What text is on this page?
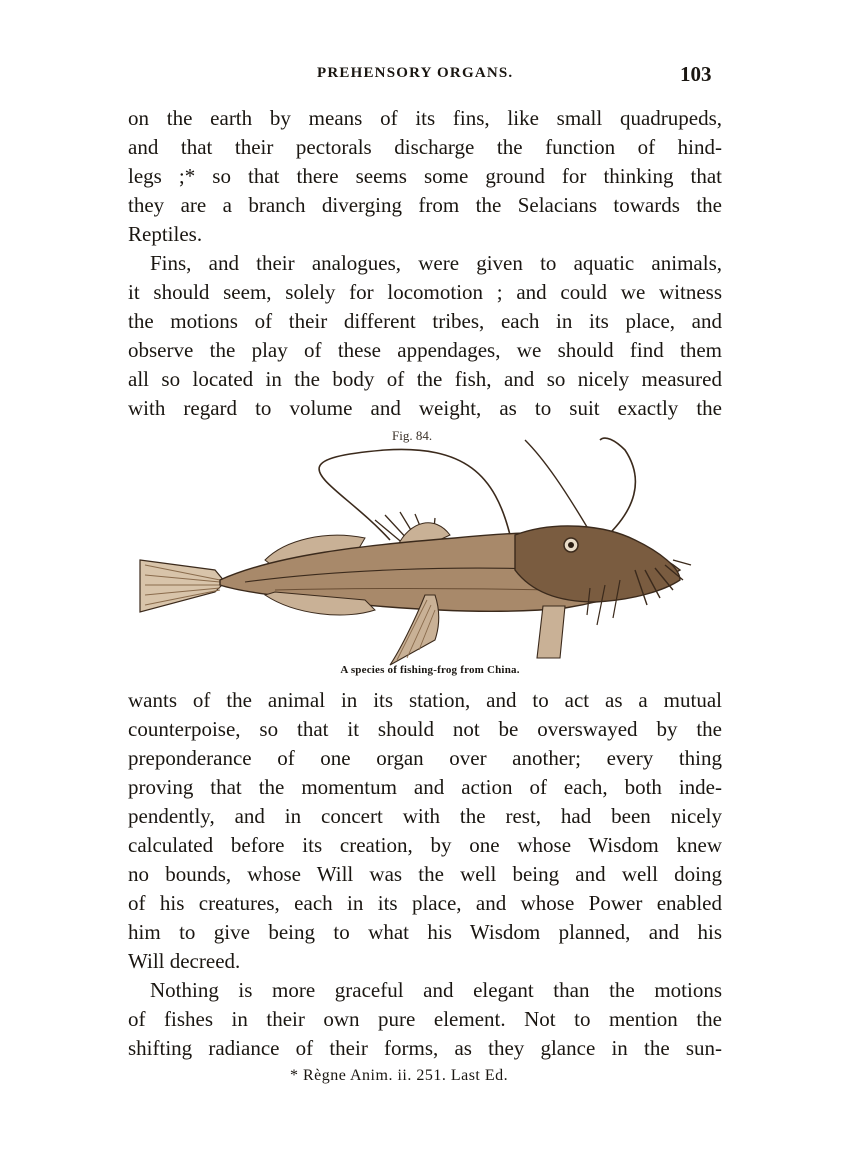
PREHENSORY ORGANS.	103
on the earth by means of its fins, like small quadrupeds,
and that their pectorals discharge the function of hind-
legs ;* so that there seems some ground for thinking that
they are a branch diverging from the Selacians towards the
Reptiles.
Fins, and their analogues, were given to aquatic animals,
it should seem, solely for locomotion ; and could we witness
the motions of their different tribes, each in its place, and
observe the play of these appendages, we should find them
all so located in the body of the fish, and so nicely measured
with regard to volume and weight, as to suit exactly the
Fig. 84.
A species of fishing-frog from China.
wants of the animal in its station, and to act as a mutual
counterpoise, so that it should not be overswayed by the
preponderance of one organ over another; every thing
proving that the momentum and action of each, both inde-
pendently, and in concert with the rest, had been nicely
calculated before its creation, by one whose Wisdom knew
no bounds, whose Will was the well being and well doing
of his creatures, each in its place, and whose Power enabled
him to give being to what his Wisdom planned, and his
Will decreed.
Nothing is more graceful and elegant than the motions
of fishes in their own pure element. Not to mention the
shifting radiance of their forms, as they glance in the sun-
* Règne Anim. ii. 251. Last Ed.
